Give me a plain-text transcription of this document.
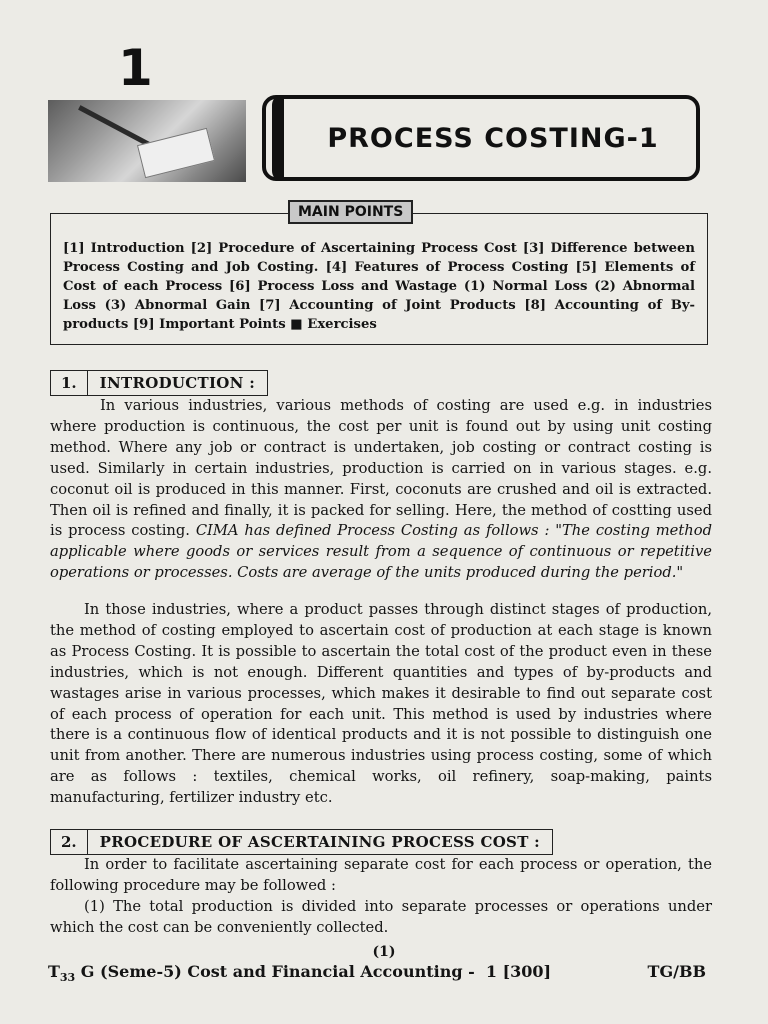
1
PROCESS COSTING-1
MAIN POINTS
[1] Introduction [2] Procedure of Ascertaining Process Cost [3] Difference between Process Costing and Job Costing. [4] Features of Process Costing [5] Elements of Cost of each Process [6] Process Loss and Wastage (1) Normal Loss (2) Abnormal Loss (3) Abnormal Gain [7] Accounting of Joint Products [8] Accounting of By-products [9] Important Points ■ Exercises
1.	INTRODUCTION :

In various industries, various methods of costing are used e.g. in industries where production is continuous, the cost per unit is found out by using unit costing method. Where any job or contract is undertaken, job costing or contract costing is used. Similarly in certain industries, production is carried on in various stages. e.g. coconut oil is produced in this manner. First, coconuts are crushed and oil is extracted. Then oil is refined and finally, it is packed for selling. Here, the method of costting used is process costing. CIMA has defined Process Costing as follows : "The costing method applicable where goods or services result from a sequence of continuous or repetitive operations or processes. Costs are average of the units produced during the period."

In those industries, where a product passes through distinct stages of production, the method of costing employed to ascertain cost of production at each stage is known as Process Costing. It is possible to ascertain the total cost of the product even in these industries, which is not enough. Different quantities and types of by-products and wastages arise in various processes, which makes it desirable to find out separate cost of each process of operation for each unit. This method is used by industries where there is a continuous flow of identical products and it is not possible to distinguish one unit from another. There are numerous industries using process costing, some of which are as follows : textiles, chemical works, oil refinery, soap-making, paints manufacturing, fertilizer industry etc.

2.	PROCEDURE OF ASCERTAINING PROCESS COST :

In order to facilitate ascertaining separate cost for each process or operation, the following procedure may be followed :

(1) The total production is divided into separate processes or operations under which the cost can be conveniently collected.

(1)
$T_{33}$ G (Seme-5) Cost and Financial Accounting -  1 [300]	TG/BB
